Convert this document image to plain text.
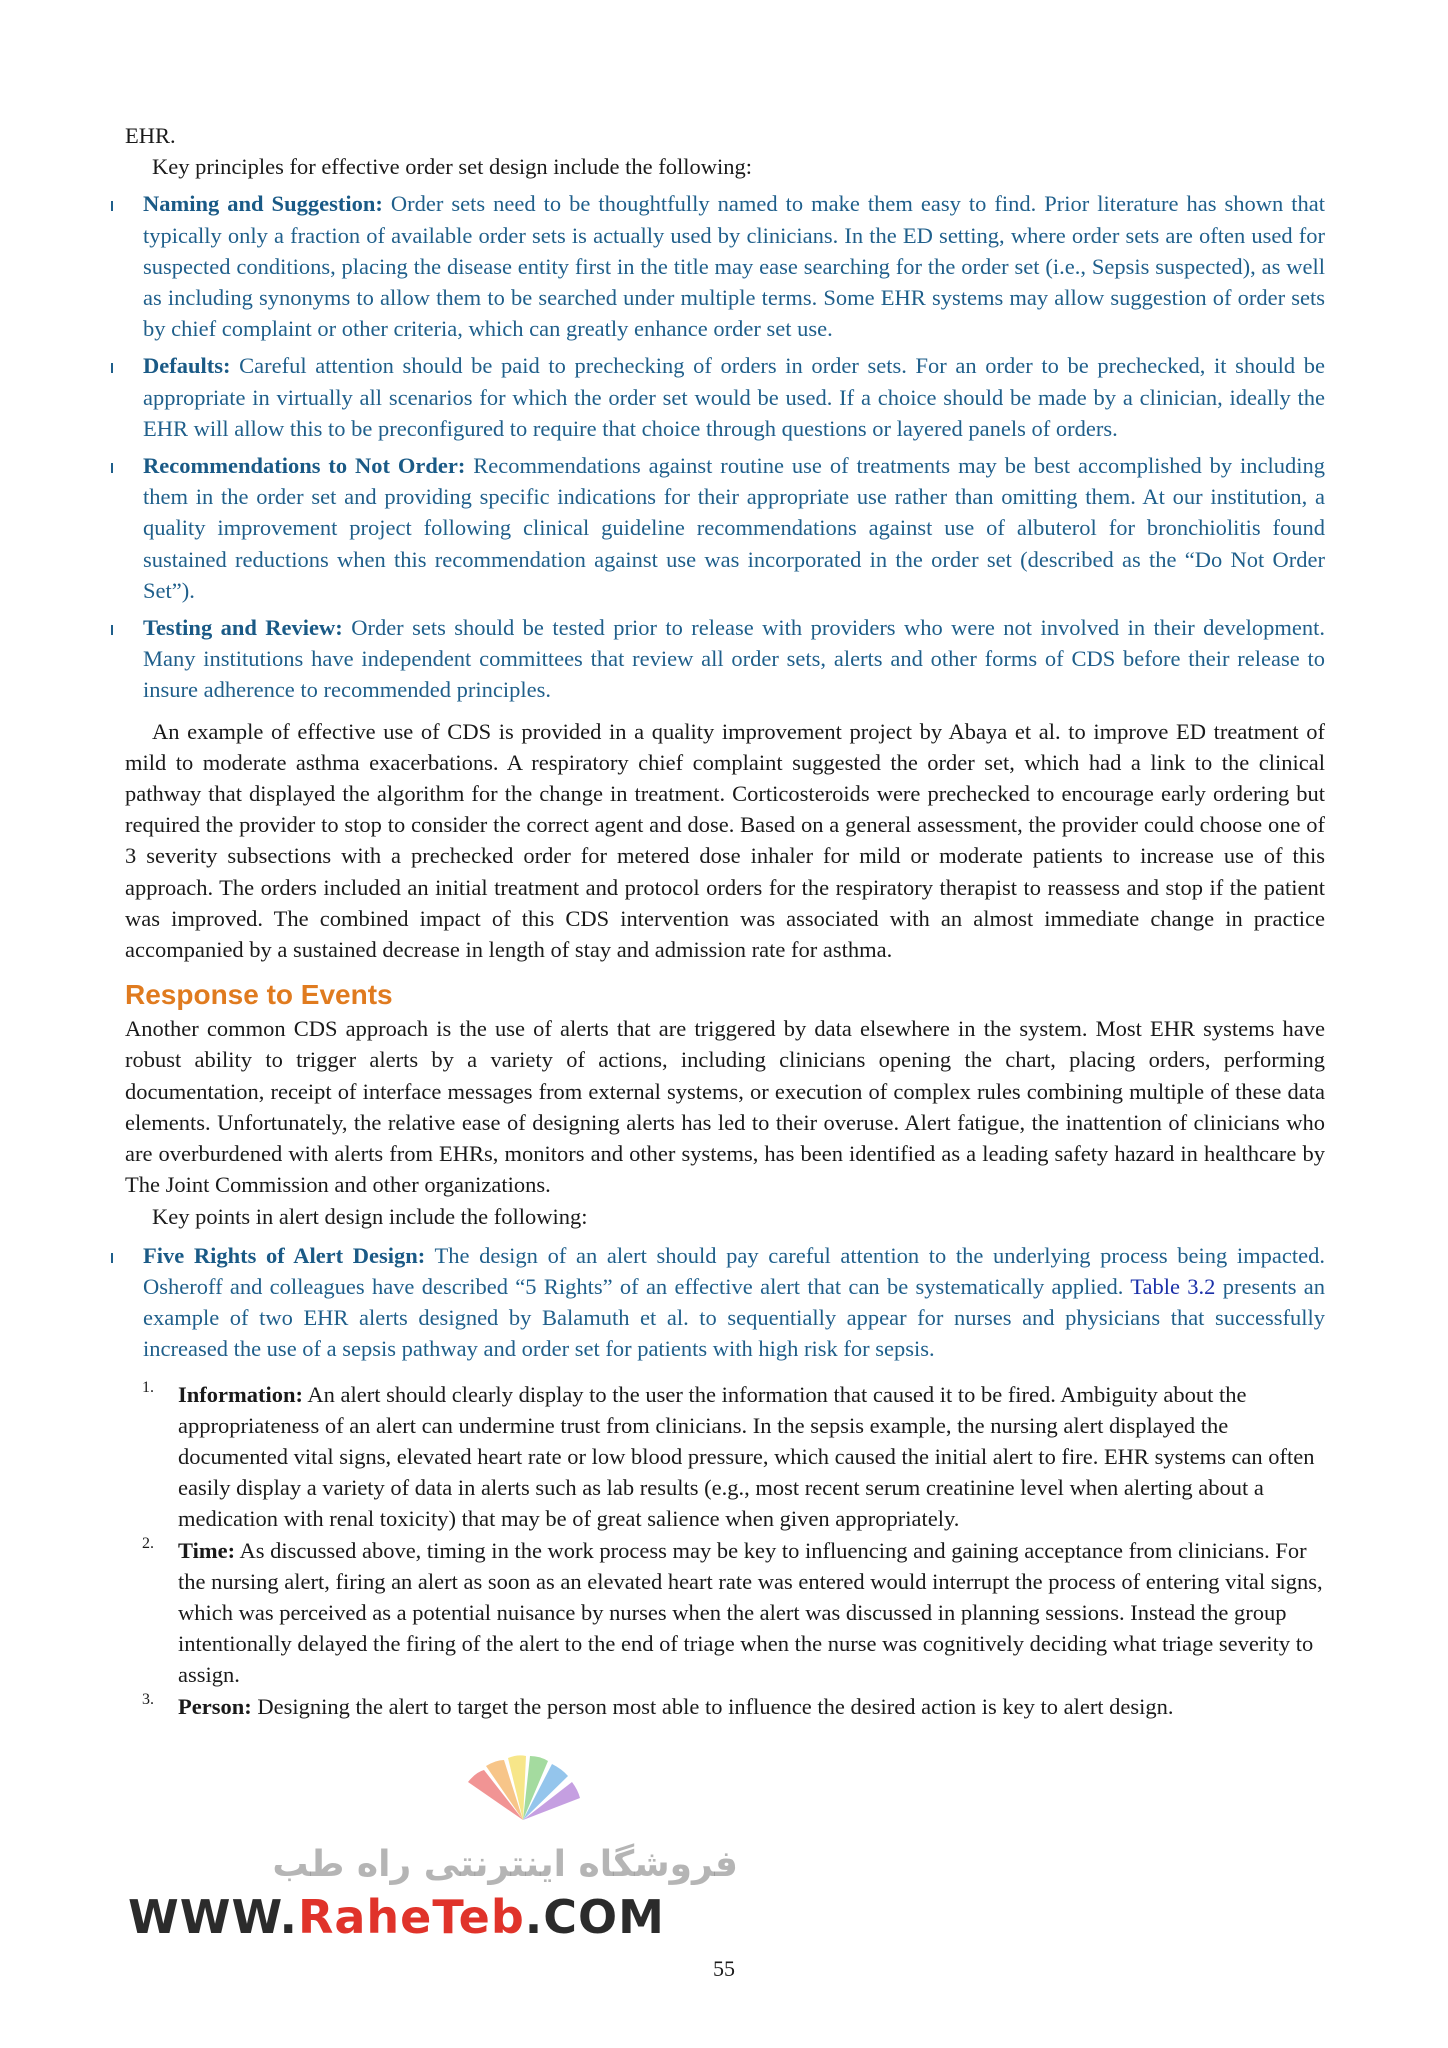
EHR.

Key principles for effective order set design include the following:

Naming and Suggestion: Order sets need to be thoughtfully named to make them easy to find. Prior literature has shown that typically only a fraction of available order sets is actually used by clinicians. In the ED setting, where order sets are often used for suspected conditions, placing the disease entity first in the title may ease searching for the order set (i.e., Sepsis suspected), as well as including synonyms to allow them to be searched under multiple terms. Some EHR systems may allow suggestion of order sets by chief complaint or other criteria, which can greatly enhance order set use.

Defaults: Careful attention should be paid to prechecking of orders in order sets. For an order to be prechecked, it should be appropriate in virtually all scenarios for which the order set would be used. If a choice should be made by a clinician, ideally the EHR will allow this to be preconfigured to require that choice through questions or layered panels of orders.

Recommendations to Not Order: Recommendations against routine use of treatments may be best accomplished by including them in the order set and providing specific indications for their appropriate use rather than omitting them. At our institution, a quality improvement project following clinical guideline recommendations against use of albuterol for bronchiolitis found sustained reductions when this recommendation against use was incorporated in the order set (described as the “Do Not Order Set”).

Testing and Review: Order sets should be tested prior to release with providers who were not involved in their development. Many institutions have independent committees that review all order sets, alerts and other forms of CDS before their release to insure adherence to recommended principles.

An example of effective use of CDS is provided in a quality improvement project by Abaya et al. to improve ED treatment of mild to moderate asthma exacerbations. A respiratory chief complaint suggested the order set, which had a link to the clinical pathway that displayed the algorithm for the change in treatment. Corticosteroids were prechecked to encourage early ordering but required the provider to stop to consider the correct agent and dose. Based on a general assessment, the provider could choose one of 3 severity subsections with a prechecked order for metered dose inhaler for mild or moderate patients to increase use of this approach. The orders included an initial treatment and protocol orders for the respiratory therapist to reassess and stop if the patient was improved. The combined impact of this CDS intervention was associated with an almost immediate change in practice accompanied by a sustained decrease in length of stay and admission rate for asthma.

Response to Events

Another common CDS approach is the use of alerts that are triggered by data elsewhere in the system. Most EHR systems have robust ability to trigger alerts by a variety of actions, including clinicians opening the chart, placing orders, performing documentation, receipt of interface messages from external systems, or execution of complex rules combining multiple of these data elements. Unfortunately, the relative ease of designing alerts has led to their overuse. Alert fatigue, the inattention of clinicians who are overburdened with alerts from EHRs, monitors and other systems, has been identified as a leading safety hazard in healthcare by The Joint Commission and other organizations.

Key points in alert design include the following:

Five Rights of Alert Design: The design of an alert should pay careful attention to the underlying process being impacted. Osheroff and colleagues have described “5 Rights” of an effective alert that can be systematically applied. Table 3.2 presents an example of two EHR alerts designed by Balamuth et al. to sequentially appear for nurses and physicians that successfully increased the use of a sepsis pathway and order set for patients with high risk for sepsis.

1. Information: An alert should clearly display to the user the information that caused it to be fired. Ambiguity about the appropriateness of an alert can undermine trust from clinicians. In the sepsis example, the nursing alert displayed the documented vital signs, elevated heart rate or low blood pressure, which caused the initial alert to fire. EHR systems can often easily display a variety of data in alerts such as lab results (e.g., most recent serum creatinine level when alerting about a medication with renal toxicity) that may be of great salience when given appropriately.

2. Time: As discussed above, timing in the work process may be key to influencing and gaining acceptance from clinicians. For the nursing alert, firing an alert as soon as an elevated heart rate was entered would interrupt the process of entering vital signs, which was perceived as a potential nuisance by nurses when the alert was discussed in planning sessions. Instead the group intentionally delayed the firing of the alert to the end of triage when the nurse was cognitively deciding what triage severity to assign.

3. Person: Designing the alert to target the person most able to influence the desired action is key to alert design.

فروشگاه اینترنتی راه طب
WWW.RaheTeb.COM
55
